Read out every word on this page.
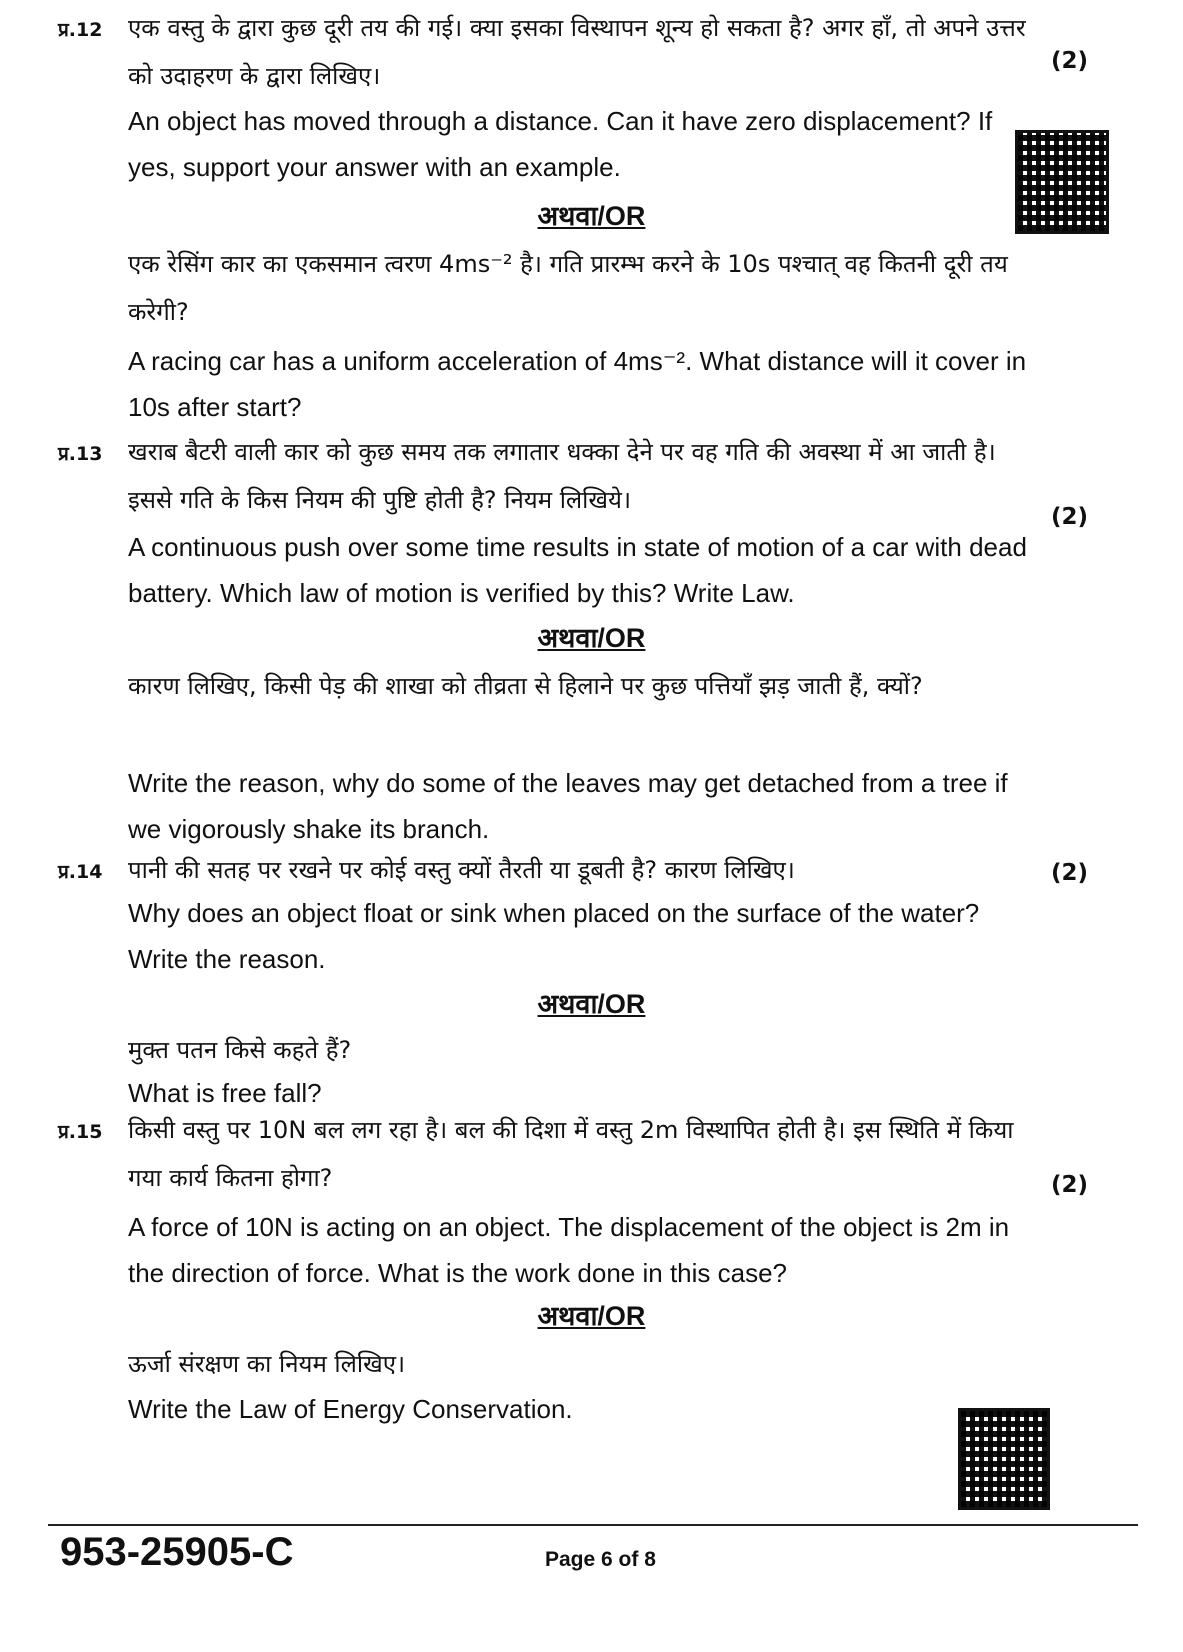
प्र.12 एक वस्तु के द्वारा कुछ दूरी तय की गई। क्या इसका विस्थापन शून्य हो सकता है? अगर हाँ, तो अपने उत्तर को उदाहरण के द्वारा लिखिए।
(2)
An object has moved through a distance. Can it have zero displacement? If yes, support your answer with an example.
अथवा/OR
एक रेसिंग कार का एकसमान त्वरण 4ms⁻² है। गति प्रारम्भ करने के 10s पश्चात् वह कितनी दूरी तय करेगी?
A racing car has a uniform acceleration of 4ms⁻². What distance will it cover in 10s after start?
प्र.13 खराब बैटरी वाली कार को कुछ समय तक लगातार धक्का देने पर वह गति की अवस्था में आ जाती है। इससे गति के किस नियम की पुष्टि होती है? नियम लिखिये।
(2)
A continuous push over some time results in state of motion of a car with dead battery. Which law of motion is verified by this? Write Law.
अथवा/OR
कारण लिखिए, किसी पेड़ की शाखा को तीव्रता से हिलाने पर कुछ पत्तियाँ झड़ जाती हैं, क्यों?
Write the reason, why do some of the leaves may get detached from a tree if we vigorously shake its branch.
प्र.14 पानी की सतह पर रखने पर कोई वस्तु क्यों तैरती या डूबती है? कारण लिखिए।	(2)
Why does an object float or sink when placed on the surface of the water? Write the reason.
अथवा/OR
मुक्त पतन किसे कहते हैं?
What is free fall?
प्र.15 किसी वस्तु पर 10N बल लग रहा है। बल की दिशा में वस्तु 2m विस्थापित होती है। इस स्थिति में किया गया कार्य कितना होगा?	(2)
A force of 10N is acting on an object. The displacement of the object is 2m in the direction of force. What is the work done in this case?
अथवा/OR
ऊर्जा संरक्षण का नियम लिखिए।
Write the Law of Energy Conservation.
953-25905-C	Page 6 of 8
